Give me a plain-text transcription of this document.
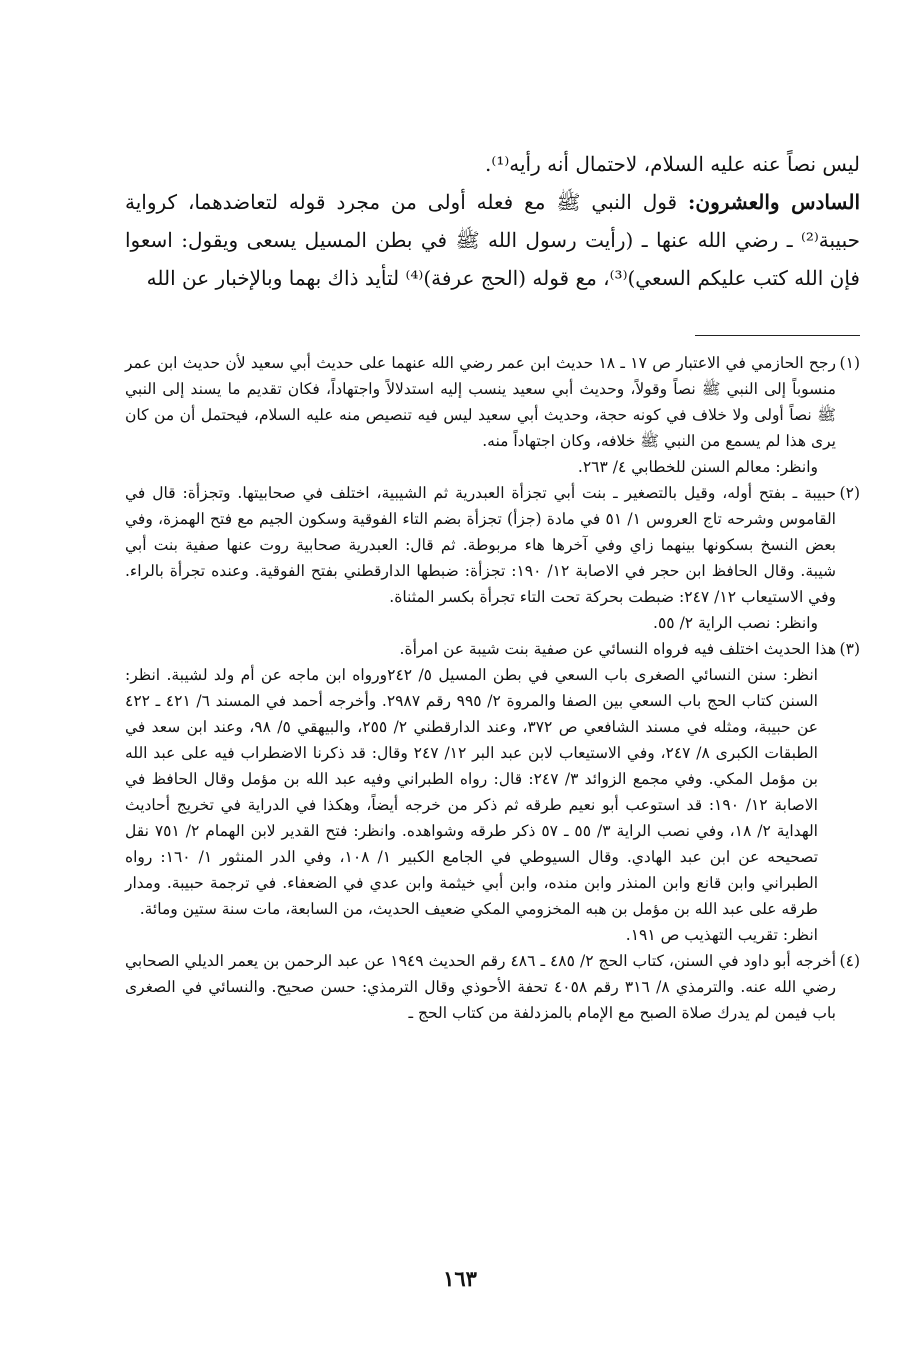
ليس نصاً عنه عليه السلام، لاحتمال أنه رأيه⁽¹⁾.

السادس والعشرون: قول النبي ﷺ مع فعله أولى من مجرد قوله لتعاضدهما، كرواية حبيبة⁽²⁾ ـ رضي الله عنها ـ (رأيت رسول الله ﷺ في بطن المسيل يسعى ويقول: اسعوا فإن الله كتب عليكم السعي)⁽³⁾، مع قوله (الحج عرفة)⁽⁴⁾ لتأيد ذاك بهما وبالإخبار عن الله

(١)

رجح الحازمي في الاعتبار ص ١٧ ـ ١٨ حديث ابن عمر رضي الله عنهما على حديث أبي سعيد لأن حديث ابن عمر منسوباً إلى النبي ﷺ نصاً وقولاً، وحديث أبي سعيد ينسب إليه استدلالاً واجتهاداً، فكان تقديم ما يسند إلى النبي ﷺ نصاً أولى ولا خلاف في كونه حجة، وحديث أبي سعيد ليس فيه تنصيص منه عليه السلام، فيحتمل أن من كان يرى هذا لم يسمع من النبي ﷺ خلافه، وكان اجتهاداً منه.

وانظر: معالم السنن للخطابي ٤/ ٢٦٣.

(٢)

حبيبة ـ بفتح أوله، وقيل بالتصغير ـ بنت أبي تجزأة العبدرية ثم الشيبية، اختلف في صحابيتها. وتجزأة: قال في القاموس وشرحه تاج العروس ١/ ٥١ في مادة (جزأ) تجزأة بضم التاء الفوقية وسكون الجيم مع فتح الهمزة، وفي بعض النسخ بسكونها بينهما زاي وفي آخرها هاء مربوطة. ثم قال: العبدرية صحابية روت عنها صفية بنت أبي شيبة. وقال الحافظ ابن حجر في الاصابة ١٢/ ١٩٠: تجزأة: ضبطها الدارقطني بفتح الفوقية. وعنده تجرأة بالراء. وفي الاستيعاب ١٢/ ٢٤٧: ضبطت بحركة تحت التاء تجرأة بكسر المثناة.

وانظر: نصب الراية ٢/ ٥٥.

(٣)

هذا الحديث اختلف فيه فرواه النسائي عن صفية بنت شيبة عن امرأة.

انظر: سنن النسائي الصغرى باب السعي في بطن المسيل ٥/ ٢٤٢ورواه ابن ماجه عن أم ولد لشيبة. انظر: السنن كتاب الحج باب السعي بين الصفا والمروة ٢/ ٩٩٥ رقم ٢٩٨٧. وأخرجه أحمد في المسند ٦/ ٤٢١ ـ ٤٢٢ عن حبيبة، ومثله في مسند الشافعي ص ٣٧٢، وعند الدارقطني ٢/ ٢٥٥، والبيهقي ٥/ ٩٨، وعند ابن سعد في الطبقات الكبرى ٨/ ٢٤٧، وفي الاستيعاب لابن عبد البر ١٢/ ٢٤٧ وقال: قد ذكرنا الاضطراب فيه على عبد الله بن مؤمل المكي. وفي مجمع الزوائد ٣/ ٢٤٧: قال: رواه الطبراني وفيه عبد الله بن مؤمل وقال الحافظ في الاصابة ١٢/ ١٩٠: قد استوعب أبو نعيم طرقه ثم ذكر من خرجه أيضاً، وهكذا في الدراية في تخريج أحاديث الهداية ٢/ ١٨، وفي نصب الراية ٣/ ٥٥ ـ ٥٧ ذكر طرقه وشواهده. وانظر: فتح القدير لابن الهمام ٢/ ٧٥١ نقل تصحيحه عن ابن عبد الهادي. وقال السيوطي في الجامع الكبير ١/ ١٠٨، وفي الدر المنثور ١/ ١٦٠: رواه الطبراني وابن قانع وابن المنذر وابن منده، وابن أبي خيثمة وابن عدي في الضعفاء. في ترجمة حبيبة. ومدار طرقه على عبد الله بن مؤمل بن هبه المخزومي المكي ضعيف الحديث، من السابعة، مات سنة ستين ومائة.

انظر: تقريب التهذيب ص ١٩١.

(٤)

أخرجه أبو داود في السنن، كتاب الحج ٢/ ٤٨٥ ـ ٤٨٦ رقم الحديث ١٩٤٩ عن عبد الرحمن بن يعمر الديلي الصحابي رضي الله عنه. والترمذي ٨/ ٣١٦ رقم ٤٠٥٨ تحفة الأحوذي وقال الترمذي: حسن صحيح. والنسائي في الصغرى باب فيمن لم يدرك صلاة الصبح مع الإمام بالمزدلفة من كتاب الحج ـ

١٦٣
